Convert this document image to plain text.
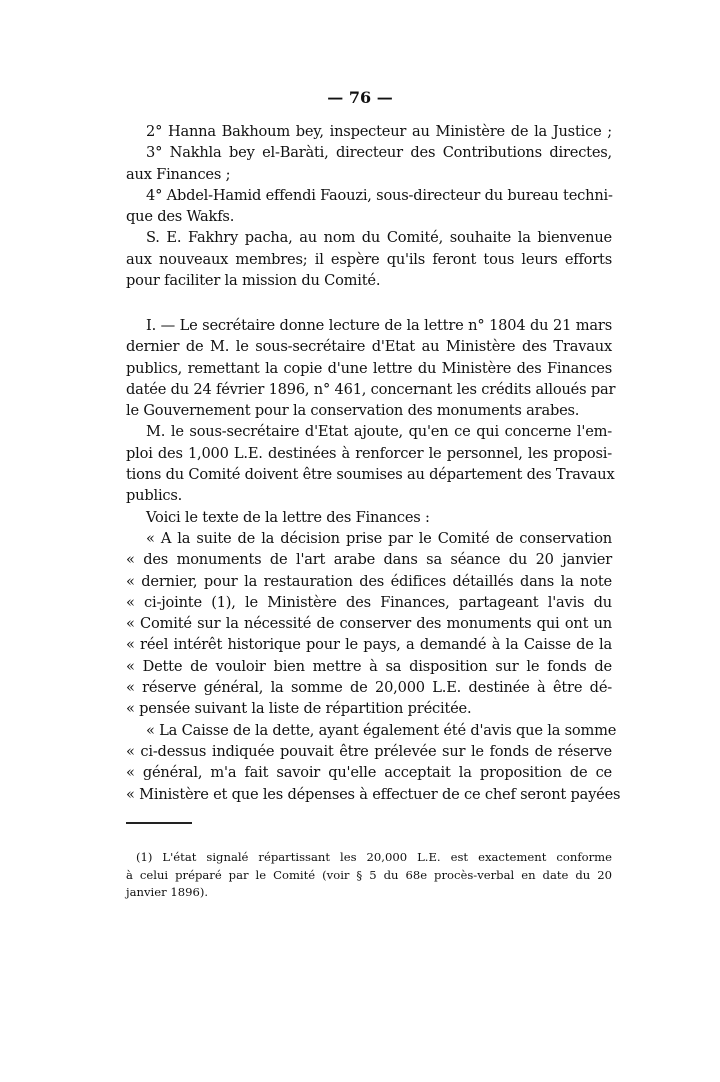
— 76 —
2° Hanna Bakhoum bey, inspecteur au Ministère de la Justice ;
3° Nakhla bey el-Baràti, directeur des Contributions directes,
aux Finances ;
4° Abdel-Hamid effendi Faouzi, sous-directeur du bureau techni-
que des Wakfs.
S. E. Fakhry pacha, au nom du Comité, souhaite la bienvenue
aux nouveaux membres; il espère qu'ils feront tous leurs efforts
pour faciliter la mission du Comité.
I. — Le secrétaire donne lecture de la lettre n° 1804 du 21 mars
dernier de M. le sous-secrétaire d'Etat au Ministère des Travaux
publics, remettant la copie d'une lettre du Ministère des Finances
datée du 24 février 1896, n° 461, concernant les crédits alloués par
le Gouvernement pour la conservation des monuments arabes.
M. le sous-secrétaire d'Etat ajoute, qu'en ce qui concerne l'em-
ploi des 1,000 L.E. destinées à renforcer le personnel, les proposi-
tions du Comité doivent être soumises au département des Travaux
publics.
Voici le texte de la lettre des Finances :
« A la suite de la décision prise par le Comité de conservation
« des monuments de l'art arabe dans sa séance du 20 janvier
« dernier, pour la restauration des édifices détaillés dans la note
« ci-jointe (1), le Ministère des Finances, partageant l'avis du
« Comité sur la nécessité de conserver des monuments qui ont un
« réel intérêt historique pour le pays, a demandé à la Caisse de la
« Dette de vouloir bien mettre à sa disposition sur le fonds de
« réserve général, la somme de 20,000 L.E. destinée à être dé-
« pensée suivant la liste de répartition précitée.
« La Caisse de la dette, ayant également été d'avis que la somme
« ci-dessus indiquée pouvait être prélevée sur le fonds de réserve
« général, m'a fait savoir qu'elle acceptait la proposition de ce
« Ministère et que les dépenses à effectuer de ce chef seront payées
(1) L'état signalé répartissant les 20,000 L.E. est exactement conforme
à celui préparé par le Comité (voir § 5 du 68e procès-verbal en date du 20
janvier 1896).
